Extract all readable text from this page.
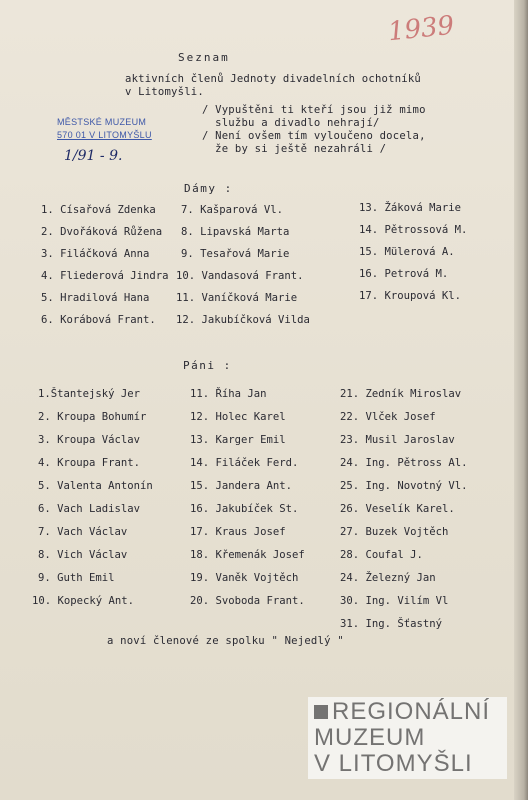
1939
Seznam
aktivních členů Jednoty divadelních ochotníků
v Litomyšli.
/ Vypuštěni ti kteří jsou již mimo
službu a divadlo nehrají/
/ Není ovšem tím vyloučeno docela,
že by si ještě nezahráli /
MĚSTSKÉ MUZEUM
570 01 V LITOMYŠLU
1/91 - 9.
Dámy :
1. Císařová Zdenka
2. Dvořáková Růžena
3. Filáčková Anna
4. Fliederová Jindra
5. Hradilová Hana
6. Korábová Frant.
7. Kašparová Vl.
8. Lipavská Marta
9. Tesařová Marie
10. Vandasová Frant.
11. Vaníčková Marie
12. Jakubíčková Vilda
13. Žáková Marie
14. Pětrossová M.
15. Mülerová A.
16. Petrová M.
17. Kroupová Kl.
Páni :
1.Štantejský Jer
2. Kroupa Bohumír
3. Kroupa Václav
4. Kroupa Frant.
5. Valenta Antonín
6. Vach Ladislav
7. Vach Václav
8. Vich Václav
9. Guth Emil
10. Kopecký Ant.
11. Říha Jan
12. Holec Karel
13. Karger Emil
14. Filáček Ferd.
15. Jandera Ant.
16. Jakubíček St.
17. Kraus Josef
18. Křemenák Josef
19. Vaněk Vojtěch
20. Svoboda Frant.
21. Zedník Miroslav
22. Vlček Josef
23. Musil Jaroslav
24. Ing. Pětross Al.
25. Ing. Novotný Vl.
26. Veselík Karel.
27. Buzek Vojtěch
28. Coufal J.
24. Železný Jan
30. Ing. Vilím Vl
31. Ing. Šťastný
a noví členové ze spolku " Nejedlý "
REGIONÁLNÍ
MUZEUM
V LITOMYŠLI
